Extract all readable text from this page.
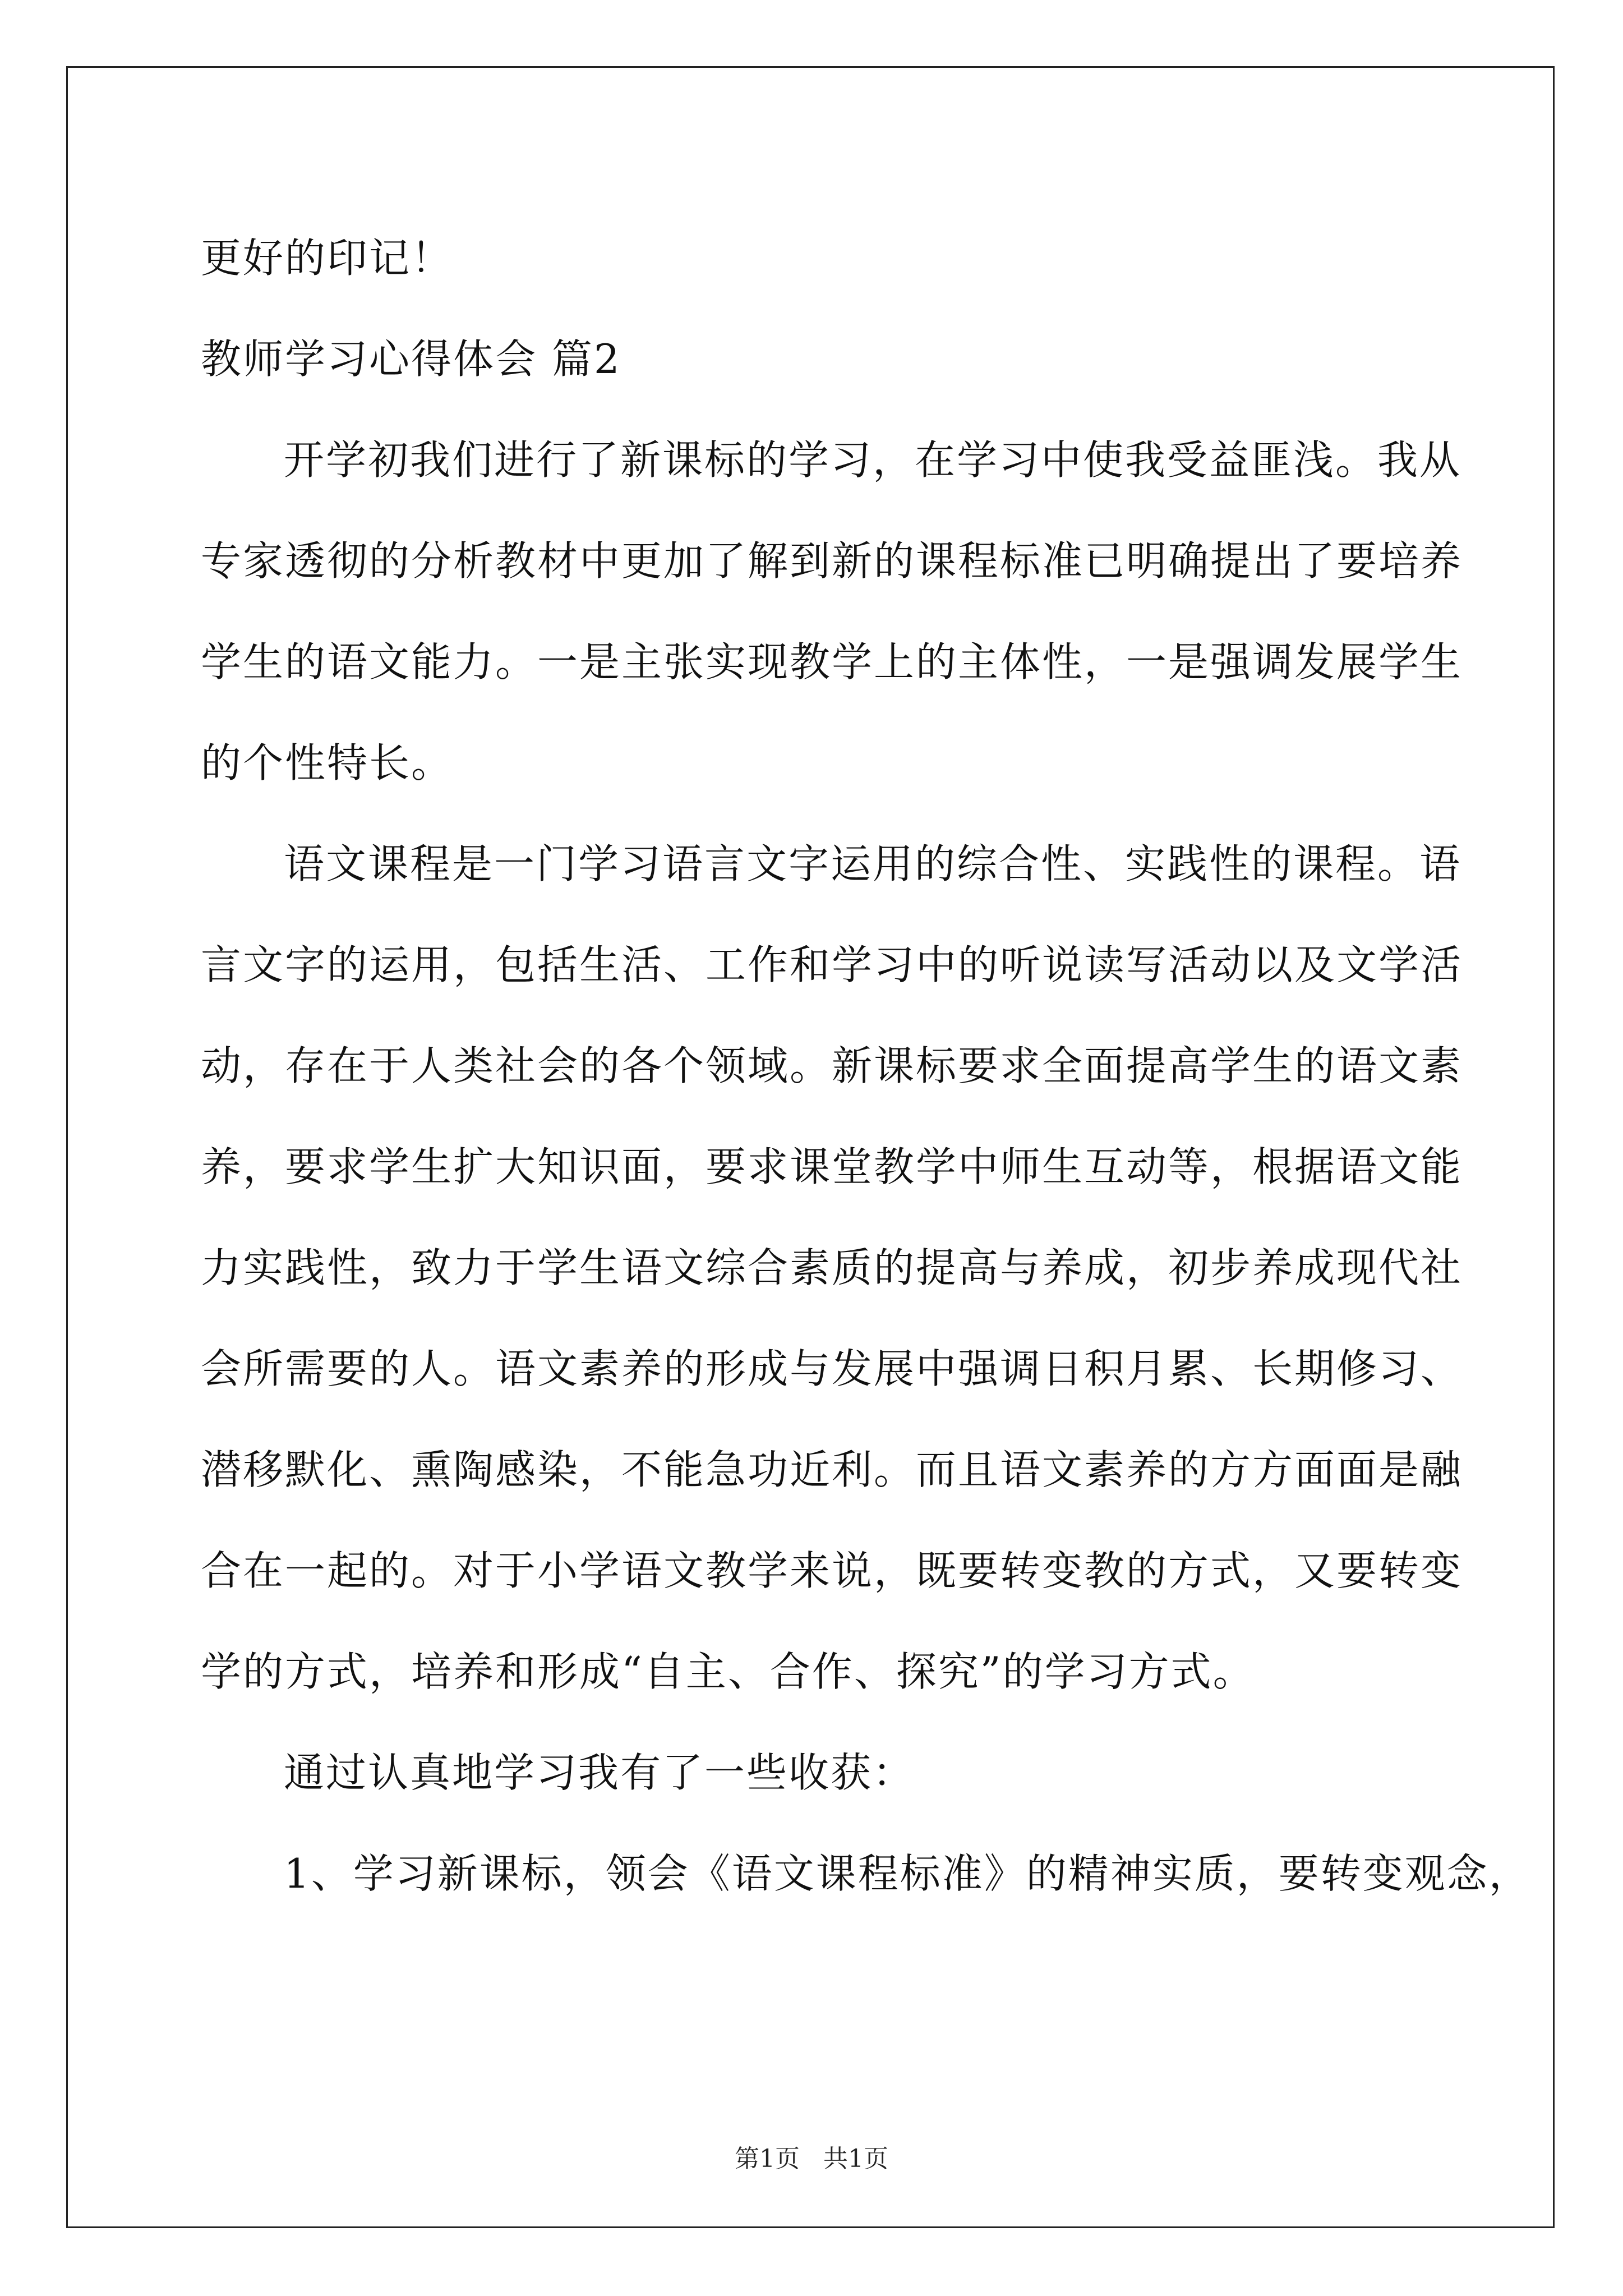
更好的印记！
教师学习心得体会 篇2
开学初我们进行了新课标的学习，在学习中使我受益匪浅。我从
专家透彻的分析教材中更加了解到新的课程标准已明确提出了要培养
学生的语文能力。一是主张实现教学上的主体性，一是强调发展学生
的个性特长。
语文课程是一门学习语言文字运用的综合性、实践性的课程。语
言文字的运用，包括生活、工作和学习中的听说读写活动以及文学活
动，存在于人类社会的各个领域。新课标要求全面提高学生的语文素
养，要求学生扩大知识面，要求课堂教学中师生互动等，根据语文能
力实践性，致力于学生语文综合素质的提高与养成，初步养成现代社
会所需要的人。语文素养的形成与发展中强调日积月累、长期修习、
潜移默化、熏陶感染，不能急功近利。而且语文素养的方方面面是融
合在一起的。对于小学语文教学来说，既要转变教的方式，又要转变
学的方式，培养和形成“自主、合作、探究”的学习方式。
通过认真地学习我有了一些收获：
1、学习新课标，领会《语文课程标准》的精神实质，要转变观念，
第1页 共1页
